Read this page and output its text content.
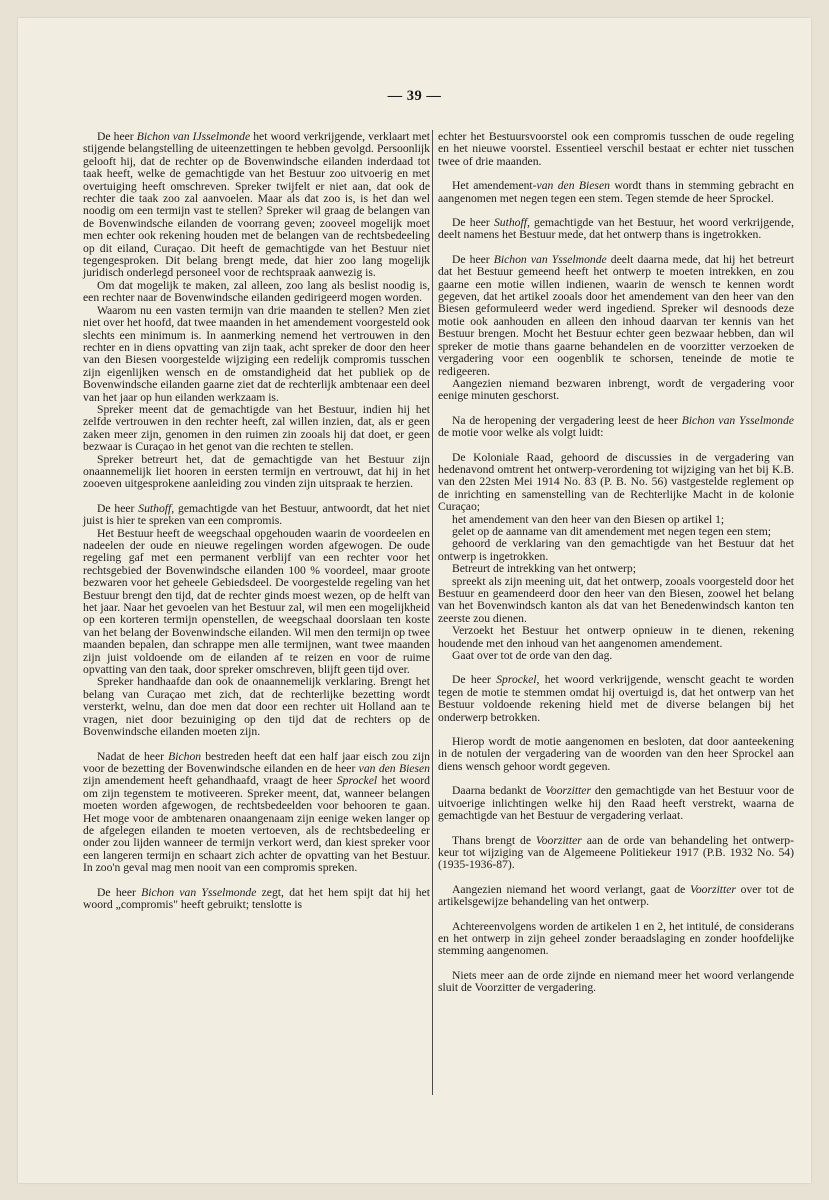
— 39 —

De heer Bichon van IJsselmonde het woord verkrijgende, verklaart met stijgende belangstelling de uiteenzettingen te hebben gevolgd. Persoonlijk gelooft hij, dat de rechter op de Bovenwindsche eilanden inderdaad tot taak heeft, welke de gemachtigde van het Bestuur zoo uitvoerig en met overtuiging heeft omschreven. Spreker twijfelt er niet aan, dat ook de rechter die taak zoo zal aanvoelen. Maar als dat zoo is, is het dan wel noodig om een termijn vast te stellen? Spreker wil graag de belangen van de Bovenwindsche eilanden de voorrang geven; zooveel mogelijk moet men echter ook rekening houden met de belangen van de rechtsbedeeling op dit eiland, Curaçao. Dit heeft de gemachtigde van het Bestuur niet tegengesproken. Dit belang brengt mede, dat hier zoo lang mogelijk juridisch onderlegd personeel voor de rechtspraak aanwezig is.

Om dat mogelijk te maken, zal alleen, zoo lang als beslist noodig is, een rechter naar de Bovenwindsche eilanden gedirigeerd mogen worden.

Waarom nu een vasten termijn van drie maanden te stellen? Men ziet niet over het hoofd, dat twee maanden in het amendement voorgesteld ook slechts een minimum is. In aanmerking nemend het vertrouwen in den rechter en in diens opvatting van zijn taak, acht spreker de door den heer van den Biesen voorgestelde wijziging een redelijk compromis tusschen zijn eigenlijken wensch en de omstandigheid dat het publiek op de Bovenwindsche eilanden gaarne ziet dat de rechterlijk ambtenaar een deel van het jaar op hun eilanden werkzaam is.

Spreker meent dat de gemachtigde van het Bestuur, indien hij het zelfde vertrouwen in den rechter heeft, zal willen inzien, dat, als er geen zaken meer zijn, genomen in den ruimen zin zooals hij dat doet, er geen bezwaar is Curaçao in het genot van die rechten te stellen.

Spreker betreurt het, dat de gemachtigde van het Bestuur zijn onaannemelijk liet hooren in eersten termijn en vertrouwt, dat hij in het zooeven uitgesprokene aanleiding zou vinden zijn uitspraak te herzien.

De heer Suthoff, gemachtigde van het Bestuur, antwoordt, dat het niet juist is hier te spreken van een compromis.

Het Bestuur heeft de weegschaal opgehouden waarin de voordeelen en nadeelen der oude en nieuwe regelingen worden afgewogen. De oude regeling gaf met een permanent verblijf van een rechter voor het rechtsgebied der Bovenwindsche eilanden 100 % voordeel, maar groote bezwaren voor het geheele Gebiedsdeel. De voorgestelde regeling van het Bestuur brengt den tijd, dat de rechter ginds moest wezen, op de helft van het jaar. Naar het gevoelen van het Bestuur zal, wil men een mogelijkheid op een korteren termijn openstellen, de weegschaal doorslaan ten koste van het belang der Bovenwindsche eilanden. Wil men den termijn op twee maanden bepalen, dan schrappe men alle termijnen, want twee maanden zijn juist voldoende om de eilanden af te reizen en voor de ruime opvatting van den taak, door spreker omschreven, blijft geen tijd over.

Spreker handhaafde dan ook de onaannemelijk verklaring. Brengt het belang van Curaçao met zich, dat de rechterlijke bezetting wordt versterkt, welnu, dan doe men dat door een rechter uit Holland aan te vragen, niet door bezuiniging op den tijd dat de rechters op de Bovenwindsche eilanden moeten zijn.

Nadat de heer Bichon bestreden heeft dat een half jaar eisch zou zijn voor de bezetting der Bovenwindsche eilanden en de heer van den Biesen zijn amendement heeft gehandhaafd, vraagt de heer Sprockel het woord om zijn tegenstem te motiveeren. Spreker meent, dat, wanneer belangen moeten worden afgewogen, de rechtsbedeelden voor behooren te gaan. Het moge voor de ambtenaren onaangenaam zijn eenige weken langer op de afgelegen eilanden te moeten vertoeven, als de rechtsbedeeling er onder zou lijden wanneer de termijn verkort werd, dan kiest spreker voor een langeren termijn en schaart zich achter de opvatting van het Bestuur. In zoo'n geval mag men nooit van een compromis spreken.

De heer Bichon van Ysselmonde zegt, dat het hem spijt dat hij het woord „compromis" heeft gebruikt; tenslotte is

echter het Bestuursvoorstel ook een compromis tusschen de oude regeling en het nieuwe voorstel. Essentieel verschil bestaat er echter niet tusschen twee of drie maanden.

Het amendement-van den Biesen wordt thans in stemming gebracht en aangenomen met negen tegen een stem. Tegen stemde de heer Sprockel.

De heer Suthoff, gemachtigde van het Bestuur, het woord verkrijgende, deelt namens het Bestuur mede, dat het ontwerp thans is ingetrokken.

De heer Bichon van Ysselmonde deelt daarna mede, dat hij het betreurt dat het Bestuur gemeend heeft het ontwerp te moeten intrekken, en zou gaarne een motie willen indienen, waarin de wensch te kennen wordt gegeven, dat het artikel zooals door het amendement van den heer van den Biesen geformuleerd weder werd ingediend. Spreker wil desnoods deze motie ook aanhouden en alleen den inhoud daarvan ter kennis van het Bestuur brengen. Mocht het Bestuur echter geen bezwaar hebben, dan wil spreker de motie thans gaarne behandelen en de voorzitter verzoeken de vergadering voor een oogenblik te schorsen, teneinde de motie te redigeeren.

Aangezien niemand bezwaren inbrengt, wordt de vergadering voor eenige minuten geschorst.

Na de heropening der vergadering leest de heer Bichon van Ysselmonde de motie voor welke als volgt luidt:

De Koloniale Raad, gehoord de discussies in de vergadering van hedenavond omtrent het ontwerp-verordening tot wijziging van het bij K.B. van den 22sten Mei 1914 No. 83 (P. B. No. 56) vastgestelde reglement op de inrichting en samenstelling van de Rechterlijke Macht in de kolonie Curaçao;

het amendement van den heer van den Biesen op artikel 1;

gelet op de aanname van dit amendement met negen tegen een stem;

gehoord de verklaring van den gemachtigde van het Bestuur dat het ontwerp is ingetrokken.

Betreurt de intrekking van het ontwerp;

spreekt als zijn meening uit, dat het ontwerp, zooals voorgesteld door het Bestuur en geamendeerd door den heer van den Biesen, zoowel het belang van het Bovenwindsch kanton als dat van het Benedenwindsch kanton ten zeerste zou dienen.

Verzoekt het Bestuur het ontwerp opnieuw in te dienen, rekening houdende met den inhoud van het aangenomen amendement.

Gaat over tot de orde van den dag.

De heer Sprockel, het woord verkrijgende, wenscht geacht te worden tegen de motie te stemmen omdat hij overtuigd is, dat het ontwerp van het Bestuur voldoende rekening hield met de diverse belangen bij het onderwerp betrokken.

Hierop wordt de motie aangenomen en besloten, dat door aanteekening in de notulen der vergadering van de woorden van den heer Sprockel aan diens wensch gehoor wordt gegeven.

Daarna bedankt de Voorzitter den gemachtigde van het Bestuur voor de uitvoerige inlichtingen welke hij den Raad heeft verstrekt, waarna de gemachtigde van het Bestuur de vergadering verlaat.

Thans brengt de Voorzitter aan de orde van behandeling het ontwerp-keur tot wijziging van de Algemeene Politiekeur 1917 (P.B. 1932 No. 54) (1935-1936-87).

Aangezien niemand het woord verlangt, gaat de Voorzitter over tot de artikelsgewijze behandeling van het ontwerp.

Achtereenvolgens worden de artikelen 1 en 2, het intitulé, de considerans en het ontwerp in zijn geheel zonder beraadslaging en zonder hoofdelijke stemming aangenomen.

Niets meer aan de orde zijnde en niemand meer het woord verlangende sluit de Voorzitter de vergadering.
